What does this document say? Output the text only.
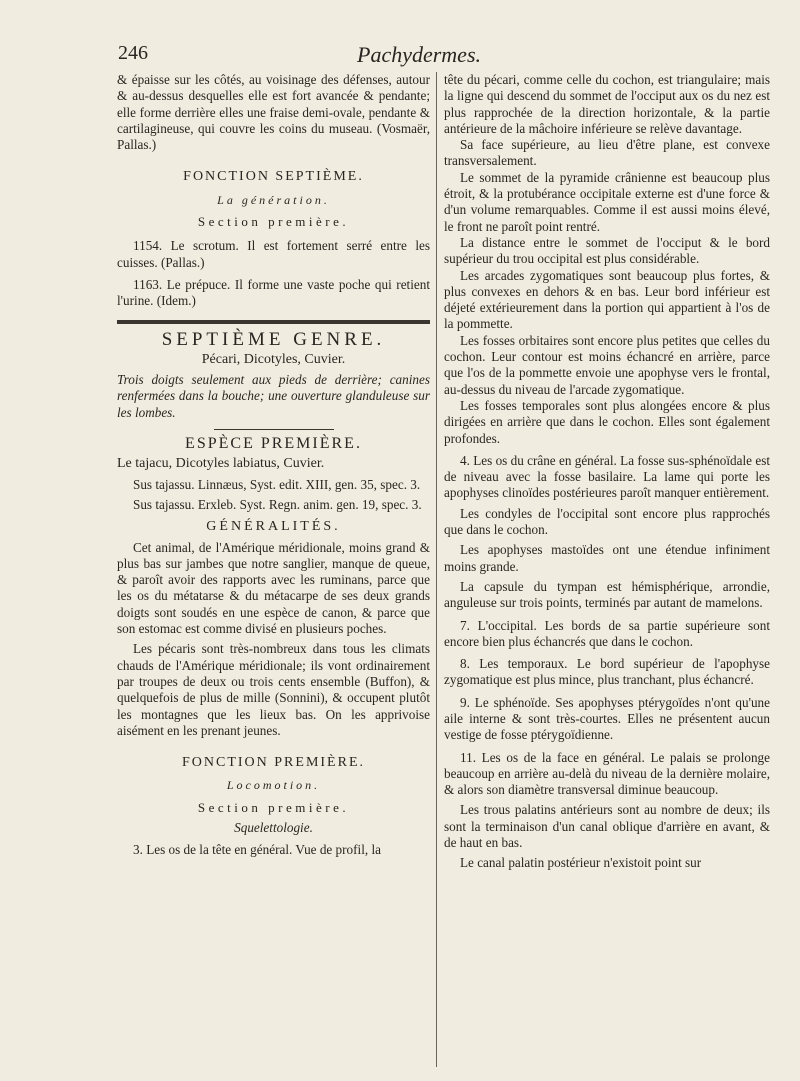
246	Pachydermes.

& épaisse sur les côtés, au voisinage des défenses, autour & au-dessus desquelles elle est fort avancée & pendante; elle forme derrière elles une fraise demi-ovale, pendante & cartilagineuse, qui couvre les coins du museau. (Vosmaër, Pallas.)

FONCTION SEPTIÈME.

La génération.

Section première.

1154. Le scrotum. Il est fortement serré entre les cuisses. (Pallas.)

1163. Le prépuce. Il forme une vaste poche qui retient l'urine. (Idem.)

SEPTIÈME GENRE.

Pécari, Dicotyles, Cuvier.

Trois doigts seulement aux pieds de derrière; canines renfermées dans la bouche; une ouverture glanduleuse sur les lombes.

ESPÈCE PREMIÈRE.

Le tajacu, Dicotyles labiatus, Cuvier.

Sus tajassu. Linnæus, Syst. edit. XIII, gen. 35, spec. 3.

Sus tajassu. Erxleb. Syst. Regn. anim. gen. 19, spec. 3.

GÉNÉRALITÉS.

Cet animal, de l'Amérique méridionale, moins grand & plus bas sur jambes que notre sanglier, manque de queue, & paroît avoir des rapports avec les ruminans, parce que les os du métatarse & du métacarpe de ses deux grands doigts sont soudés en une espèce de canon, & parce que son estomac est comme divisé en plusieurs poches.

Les pécaris sont très-nombreux dans tous les climats chauds de l'Amérique méridionale; ils vont ordinairement par troupes de deux ou trois cents ensemble (Buffon), & quelquefois de plus de mille (Sonnini), & occupent plutôt les montagnes que les lieux bas. On les apprivoise aisément en les prenant jeunes.

FONCTION PREMIÈRE.

Locomotion.

Section première.

Squelettologie.

3. Les os de la tête en général. Vue de profil, la

tête du pécari, comme celle du cochon, est triangulaire; mais la ligne qui descend du sommet de l'occiput aux os du nez est plus rapprochée de la direction horizontale, & la partie antérieure de la mâchoire inférieure se relève davantage.

Sa face supérieure, au lieu d'être plane, est convexe transversalement.

Le sommet de la pyramide crânienne est beaucoup plus étroit, & la protubérance occipitale externe est d'une force & d'un volume remarquables. Comme il est aussi moins élevé, le front ne paroît point rentré.

La distance entre le sommet de l'occiput & le bord supérieur du trou occipital est plus considérable.

Les arcades zygomatiques sont beaucoup plus fortes, & plus convexes en dehors & en bas. Leur bord inférieur est déjeté extérieurement dans la portion qui appartient à l'os de la pommette.

Les fosses orbitaires sont encore plus petites que celles du cochon. Leur contour est moins échancré en arrière, parce que l'os de la pommette envoie une apophyse vers le frontal, au-dessus du niveau de l'arcade zygomatique.

Les fosses temporales sont plus alongées encore & plus dirigées en arrière que dans le cochon. Elles sont également profondes.

4. Les os du crâne en général. La fosse sus-sphénoïdale est de niveau avec la fosse basilaire. La lame qui porte les apophyses clinoïdes postérieures paroît manquer entièrement.

Les condyles de l'occipital sont encore plus rapprochés que dans le cochon.

Les apophyses mastoïdes ont une étendue infiniment moins grande.

La capsule du tympan est hémisphérique, arrondie, anguleuse sur trois points, terminés par autant de mamelons.

7. L'occipital. Les bords de sa partie supérieure sont encore bien plus échancrés que dans le cochon.

8. Les temporaux. Le bord supérieur de l'apophyse zygomatique est plus mince, plus tranchant, plus échancré.

9. Le sphénoïde. Ses apophyses ptérygoïdes n'ont qu'une aile interne & sont très-courtes. Elles ne présentent aucun vestige de fosse ptérygoïdienne.

11. Les os de la face en général. Le palais se prolonge beaucoup en arrière au-delà du niveau de la dernière molaire, & alors son diamètre transversal diminue beaucoup.

Les trous palatins antérieurs sont au nombre de deux; ils sont la terminaison d'un canal oblique d'arrière en avant, & de haut en bas.

Le canal palatin postérieur n'existoit point sur
